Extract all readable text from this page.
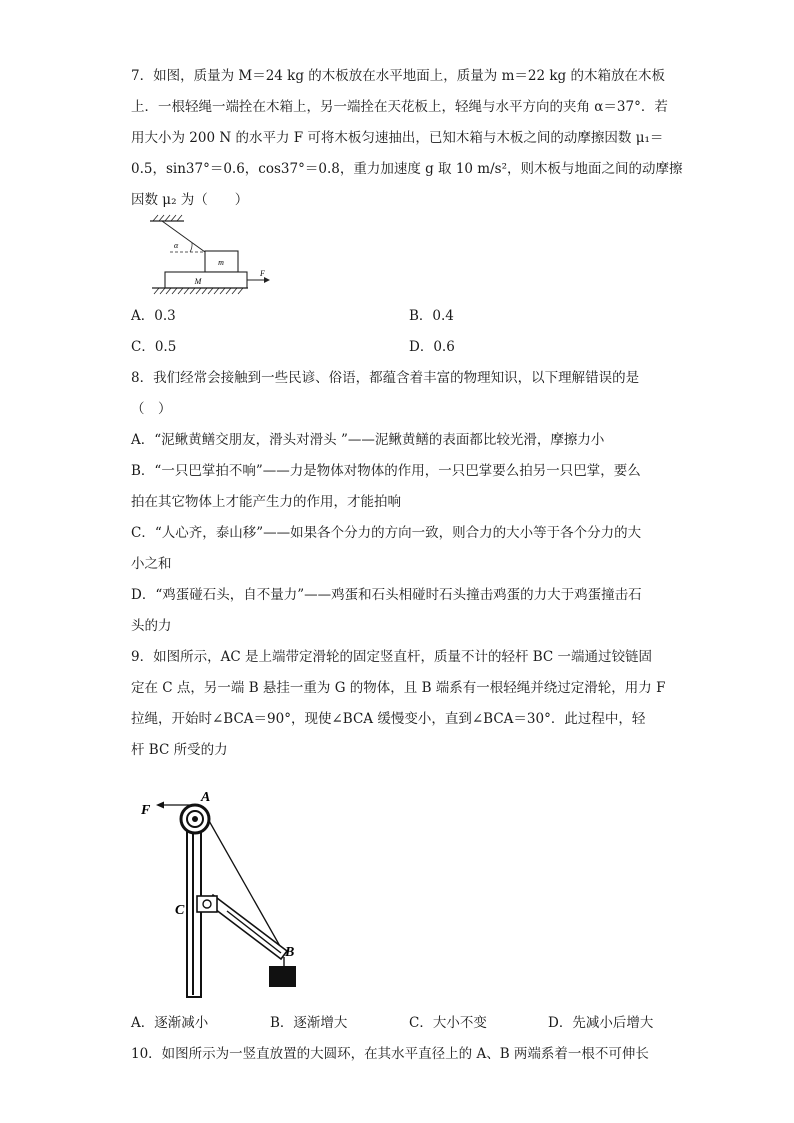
7．如图，质量为 M＝24 kg 的木板放在水平地面上，质量为 m＝22 kg 的木箱放在木板
上．一根轻绳一端拴在木箱上，另一端拴在天花板上，轻绳与水平方向的夹角 α＝37°．若
用大小为 200 N 的水平力 F 可将木板匀速抽出，已知木箱与木板之间的动摩擦因数 μ₁＝
0.5，sin37°＝0.6，cos37°＝0.8，重力加速度 g 取 10 m/s²，则木板与地面之间的动摩擦
因数 μ₂ 为（　　）
α
m
M
F
A．0.3	B．0.4
C．0.5	D．0.6
8．我们经常会接触到一些民谚、俗语，都蕴含着丰富的物理知识，以下理解错误的是
（　）
A．“泥鳅黄鳝交朋友，滑头对滑头 ”——泥鳅黄鳝的表面都比较光滑，摩擦力小
B．“一只巴掌拍不响”——力是物体对物体的作用，一只巴掌要么拍另一只巴掌，要么
拍在其它物体上才能产生力的作用，才能拍响
C．“人心齐，泰山移”——如果各个分力的方向一致，则合力的大小等于各个分力的大
小之和
D．“鸡蛋碰石头，自不量力”——鸡蛋和石头相碰时石头撞击鸡蛋的力大于鸡蛋撞击石
头的力
9．如图所示，AC 是上端带定滑轮的固定竖直杆，质量不计的轻杆 BC 一端通过铰链固
定在 C 点，另一端 B 悬挂一重为 G 的物体，且 B 端系有一根轻绳并绕过定滑轮，用力 F
拉绳，开始时∠BCA＝90°，现使∠BCA 缓慢变小，直到∠BCA＝30°．此过程中，轻
杆 BC 所受的力
F
A
C
B
A．逐渐减小	B．逐渐增大	C．大小不变	D．先减小后增大
10．如图所示为一竖直放置的大圆环，在其水平直径上的 A、B 两端系着一根不可伸长
